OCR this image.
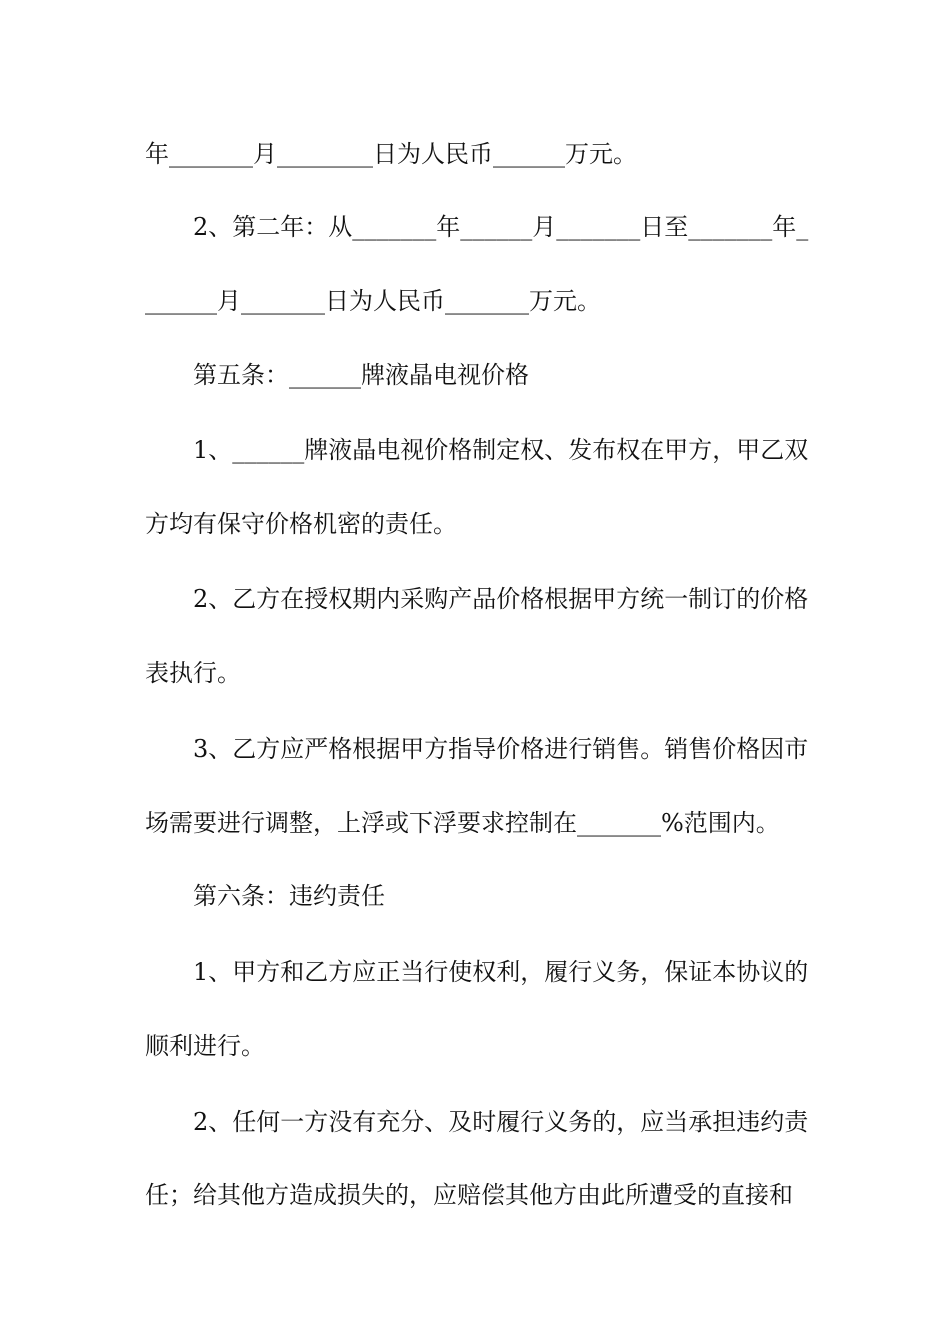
年_______月________日为人民币______万元。
2、第二年：从_______年______月_______日至_______年_
______月_______日为人民币_______万元。
第五条：______牌液晶电视价格
1、______牌液晶电视价格制定权、发布权在甲方，甲乙双
方均有保守价格机密的责任。
2、乙方在授权期内采购产品价格根据甲方统一制订的价格
表执行。
3、乙方应严格根据甲方指导价格进行销售。销售价格因市
场需要进行调整，上浮或下浮要求控制在_______%范围内。
第六条：违约责任
1、甲方和乙方应正当行使权利，履行义务，保证本协议的
顺利进行。
2、任何一方没有充分、及时履行义务的，应当承担违约责
任；给其他方造成损失的，应赔偿其他方由此所遭受的直接和
